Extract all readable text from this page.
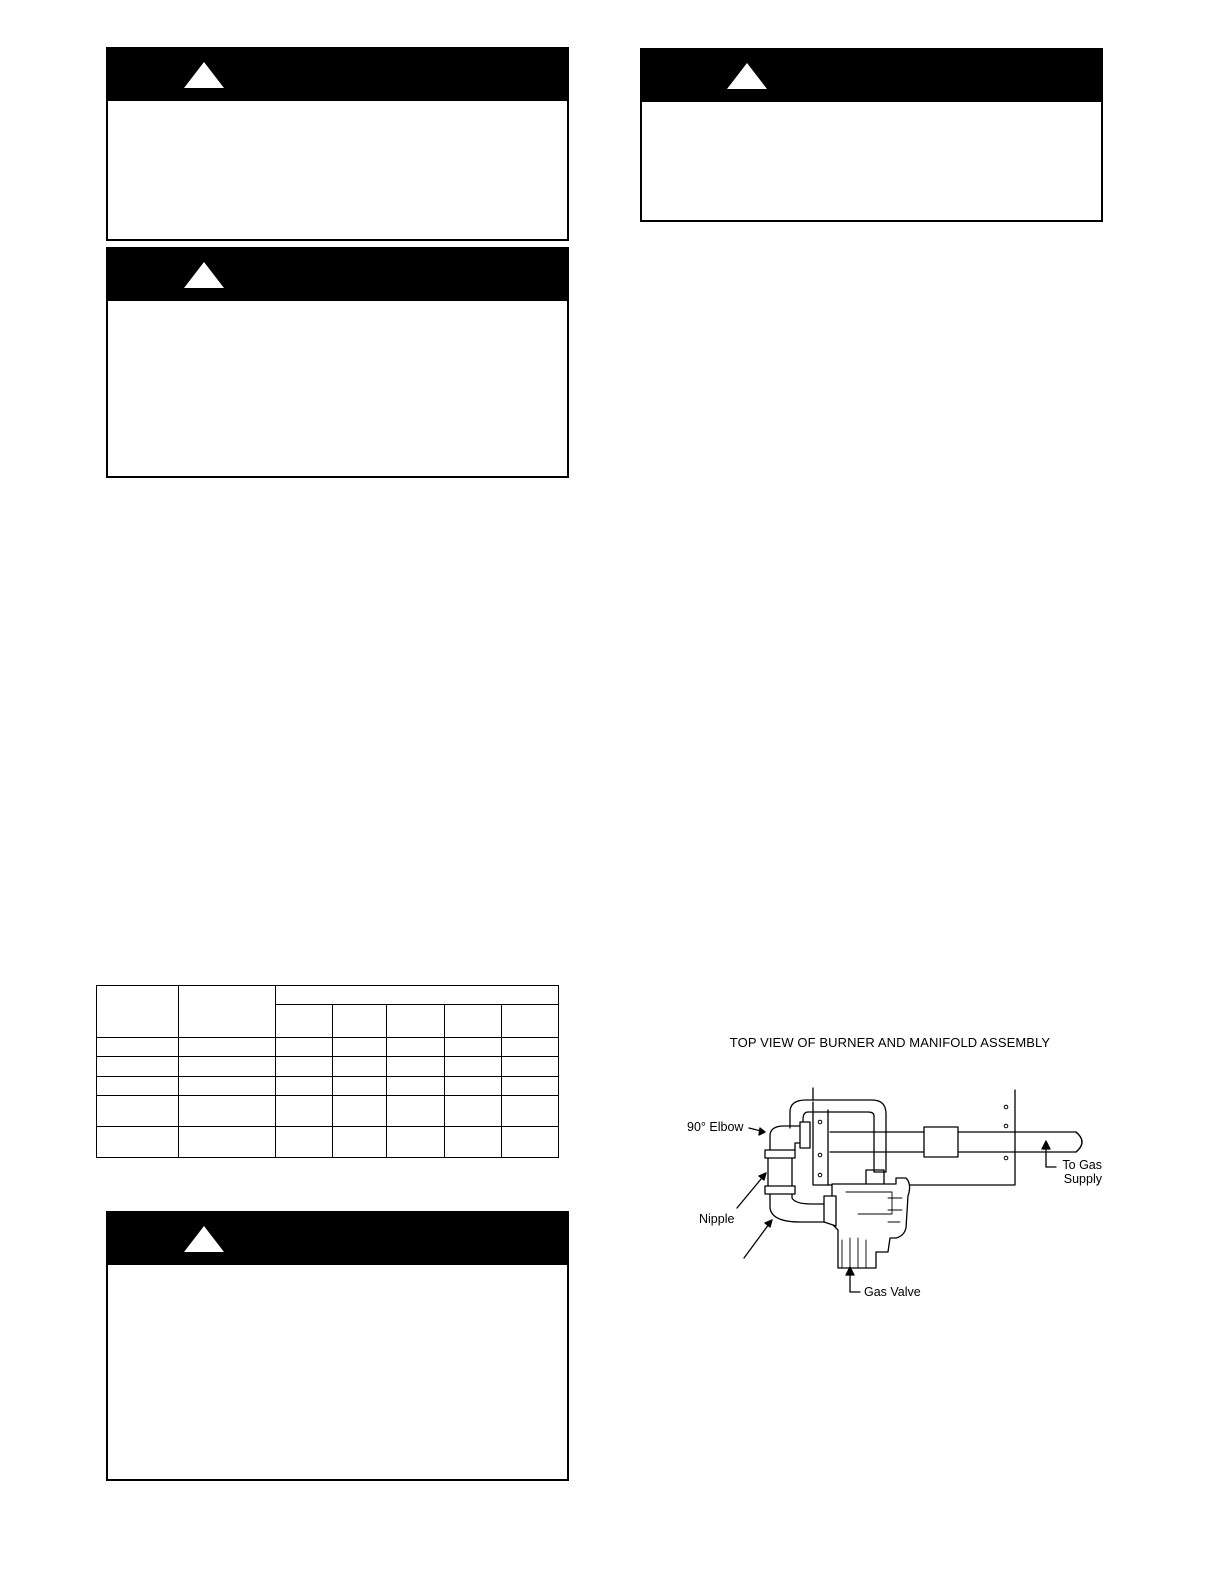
TOP VIEW OF BURNER AND MANIFOLD ASSEMBLY
90° Elbow
Nipple
To Gas
Supply
Gas Valve
